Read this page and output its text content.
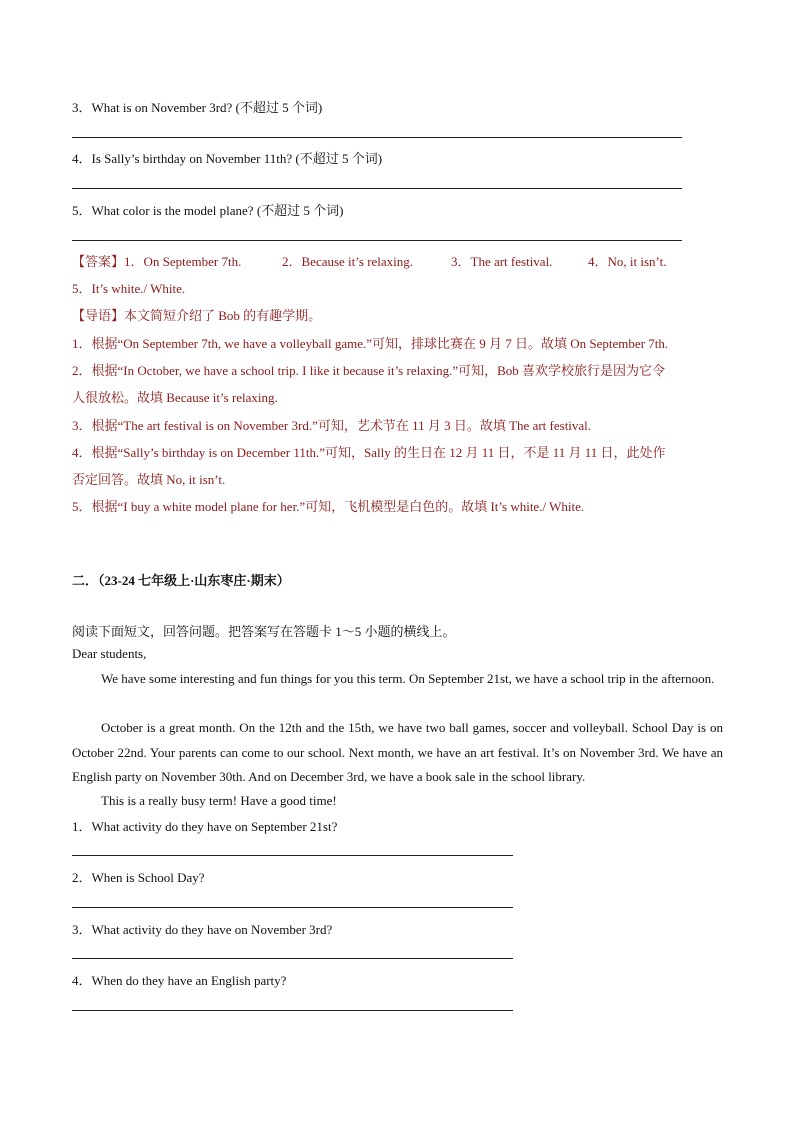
3．What is on November 3rd? (不超过 5 个词)
4．Is Sally’s birthday on November 11th? (不超过 5 个词)
5．What color is the model plane? (不超过 5 个词)
【答案】1．On September 7th.	2．Because it’s relaxing.	3．The art festival.	4．No, it isn’t.
5．It’s white./ White.
【导语】本文简短介绍了 Bob 的有趣学期。
1．根据“On September 7th, we have a volleyball game.”可知，排球比赛在 9 月 7 日。故填 On September 7th.
2．根据“In October, we have a school trip. I like it because it’s relaxing.”可知，Bob 喜欢学校旅行是因为它令
人很放松。故填 Because it’s relaxing.
3．根据“The art festival is on November 3rd.”可知，艺术节在 11 月 3 日。故填 The art festival.
4．根据“Sally’s birthday is on December 11th.”可知，Sally 的生日在 12 月 11 日，不是 11 月 11 日，此处作
否定回答。故填 No, it isn’t.
5．根据“I buy a white model plane for her.”可知，飞机模型是白色的。故填 It’s white./ White.
二．（23-24 七年级上·山东枣庄·期末）
阅读下面短文，回答问题。把答案写在答题卡 1～5 小题的横线上。
Dear students,
We have some interesting and fun things for you this term. On September 21st, we have a school trip in the afternoon.
October is a great month. On the 12th and the 15th, we have two ball games, soccer and volleyball. School Day is on October 22nd. Your parents can come to our school. Next month, we have an art festival. It’s on November 3rd. We have an English party on November 30th. And on December 3rd, we have a book sale in the school library.
This is a really busy term! Have a good time!
1．What activity do they have on September 21st?
2．When is School Day?
3．What activity do they have on November 3rd?
4．When do they have an English party?
